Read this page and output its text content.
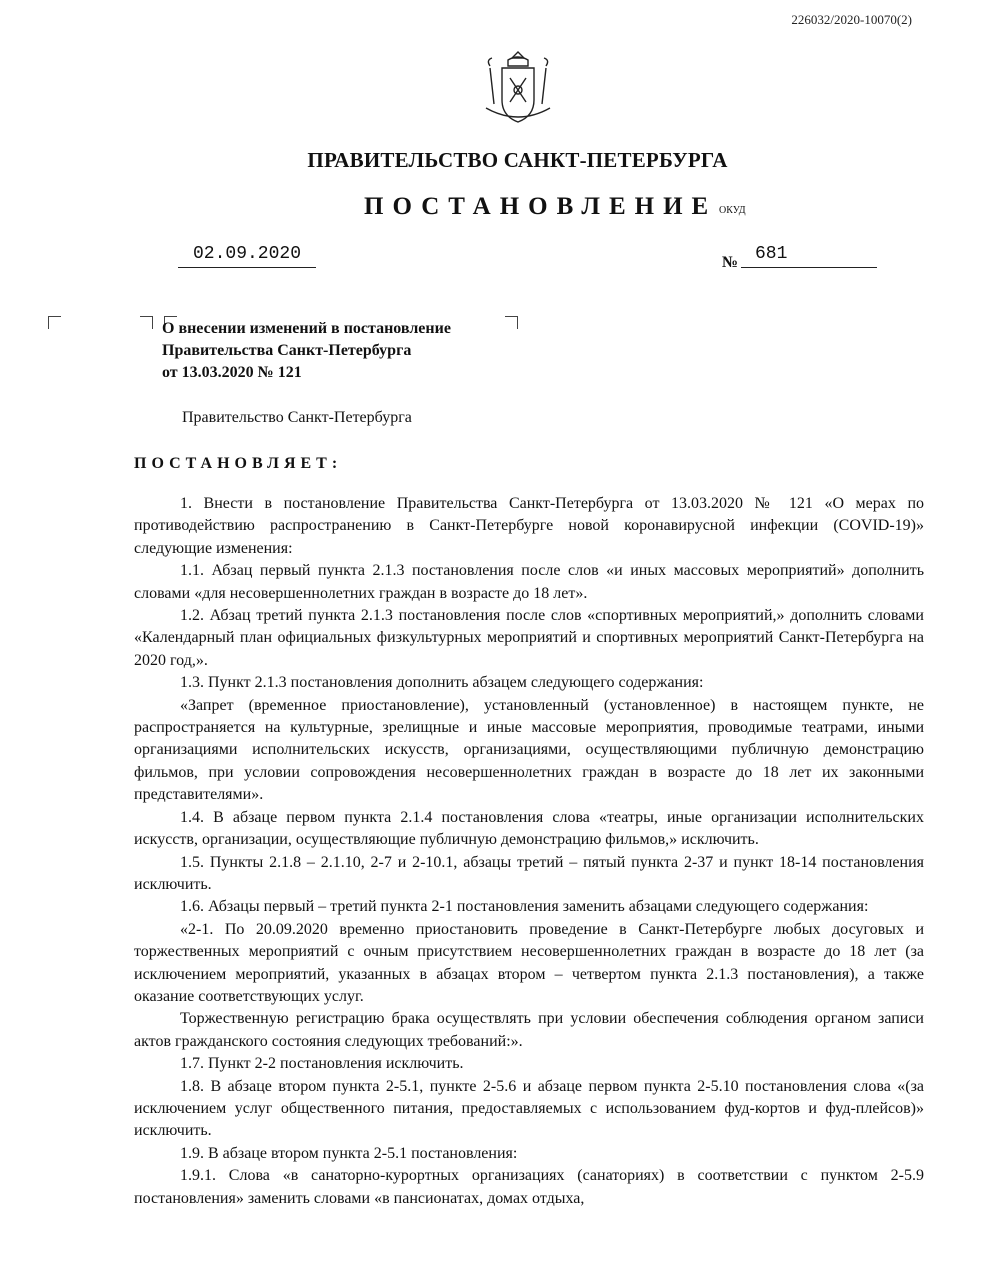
226032/2020-10070(2)
ПРАВИТЕЛЬСТВО САНКТ-ПЕТЕРБУРГА
ПОСТАНОВЛЕНИЕ ОКУД
02.09.2020	№ 681
О внесении изменений в постановление
Правительства Санкт-Петербурга
от 13.03.2020 № 121
Правительство Санкт-Петербурга
ПОСТАНОВЛЯЕТ:

1. Внести в постановление Правительства Санкт-Петербурга от 13.03.2020 № 121 «О мерах по противодействию распространению в Санкт-Петербурге новой коронавирусной инфекции (COVID-19)» следующие изменения:

1.1. Абзац первый пункта 2.1.3 постановления после слов «и иных массовых мероприятий» дополнить словами «для несовершеннолетних граждан в возрасте до 18 лет».

1.2. Абзац третий пункта 2.1.3 постановления после слов «спортивных мероприятий,» дополнить словами «Календарный план официальных физкультурных мероприятий и спортивных мероприятий Санкт-Петербурга на 2020 год,».

1.3. Пункт 2.1.3 постановления дополнить абзацем следующего содержания:

«Запрет (временное приостановление), установленный (установленное) в настоящем пункте, не распространяется на культурные, зрелищные и иные массовые мероприятия, проводимые театрами, иными организациями исполнительских искусств, организациями, осуществляющими публичную демонстрацию фильмов, при условии сопровождения несовершеннолетних граждан в возрасте до 18 лет их законными представителями».

1.4. В абзаце первом пункта 2.1.4 постановления слова «театры, иные организации исполнительских искусств, организации, осуществляющие публичную демонстрацию фильмов,» исключить.

1.5. Пункты 2.1.8 – 2.1.10, 2-7 и 2-10.1, абзацы третий – пятый пункта 2-37 и пункт 18-14 постановления исключить.

1.6. Абзацы первый – третий пункта 2-1 постановления заменить абзацами следующего содержания:

«2-1. По 20.09.2020 временно приостановить проведение в Санкт-Петербурге любых досуговых и торжественных мероприятий с очным присутствием несовершеннолетних граждан в возрасте до 18 лет (за исключением мероприятий, указанных в абзацах втором – четвертом пункта 2.1.3 постановления), а также оказание соответствующих услуг.

Торжественную регистрацию брака осуществлять при условии обеспечения соблюдения органом записи актов гражданского состояния следующих требований:».

1.7. Пункт 2-2 постановления исключить.

1.8. В абзаце втором пункта 2-5.1, пункте 2-5.6 и абзаце первом пункта 2-5.10 постановления слова «(за исключением услуг общественного питания, предоставляемых с использованием фуд-кортов и фуд-плейсов)» исключить.

1.9. В абзаце втором пункта 2-5.1 постановления:

1.9.1. Слова «в санаторно-курортных организациях (санаториях) в соответствии с пунктом 2-5.9 постановления» заменить словами «в пансионатах, домах отдыха,
